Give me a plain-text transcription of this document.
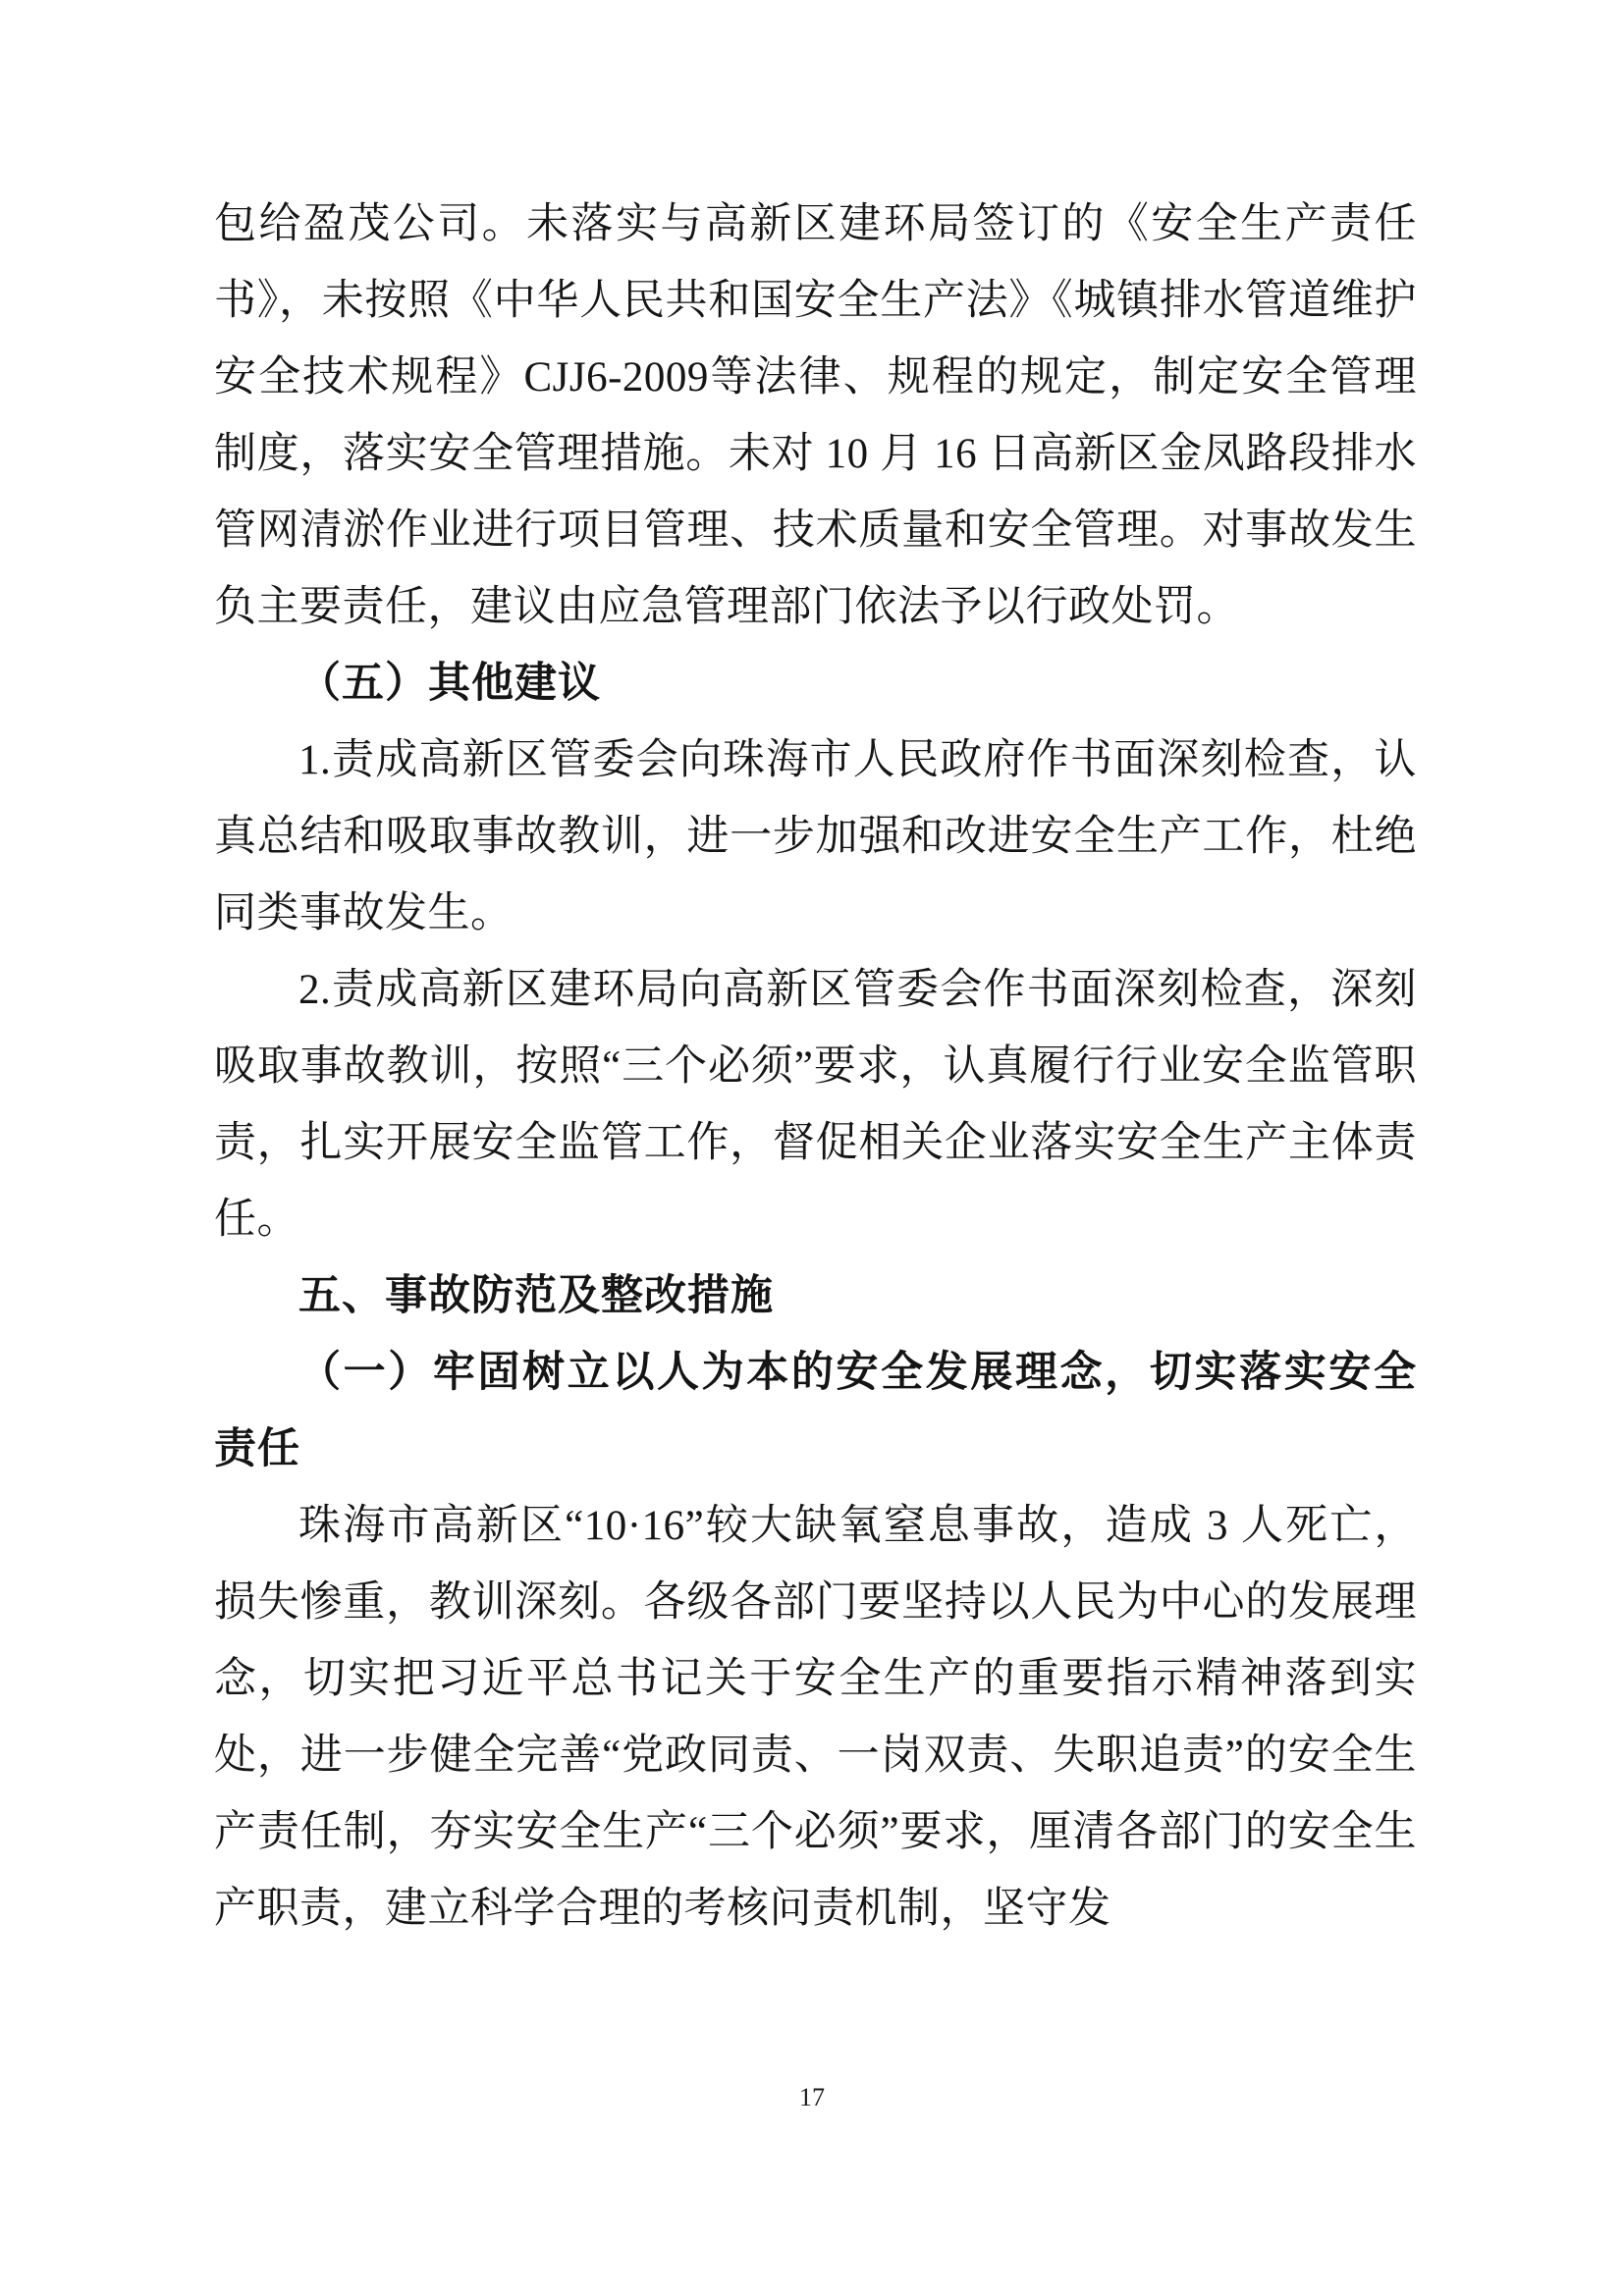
包给盈茂公司。未落实与高新区建环局签订的《安全生产责任书》，未按照《中华人民共和国安全生产法》《城镇排水管道维护安全技术规程》CJJ6-2009等法律、规程的规定，制定安全管理制度，落实安全管理措施。未对 10 月 16 日高新区金凤路段排水管网清淤作业进行项目管理、技术质量和安全管理。对事故发生负主要责任，建议由应急管理部门依法予以行政处罚。

（五）其他建议

1.责成高新区管委会向珠海市人民政府作书面深刻检查，认真总结和吸取事故教训，进一步加强和改进安全生产工作，杜绝同类事故发生。

2.责成高新区建环局向高新区管委会作书面深刻检查，深刻吸取事故教训，按照“三个必须”要求，认真履行行业安全监管职责，扎实开展安全监管工作，督促相关企业落实安全生产主体责任。

五、事故防范及整改措施

（一）牢固树立以人为本的安全发展理念，切实落实安全责任

珠海市高新区“10·16”较大缺氧窒息事故，造成 3 人死亡，损失惨重，教训深刻。各级各部门要坚持以人民为中心的发展理念，切实把习近平总书记关于安全生产的重要指示精神落到实处，进一步健全完善“党政同责、一岗双责、失职追责”的安全生产责任制，夯实安全生产“三个必须”要求，厘清各部门的安全生产职责，建立科学合理的考核问责机制，坚守发

17
